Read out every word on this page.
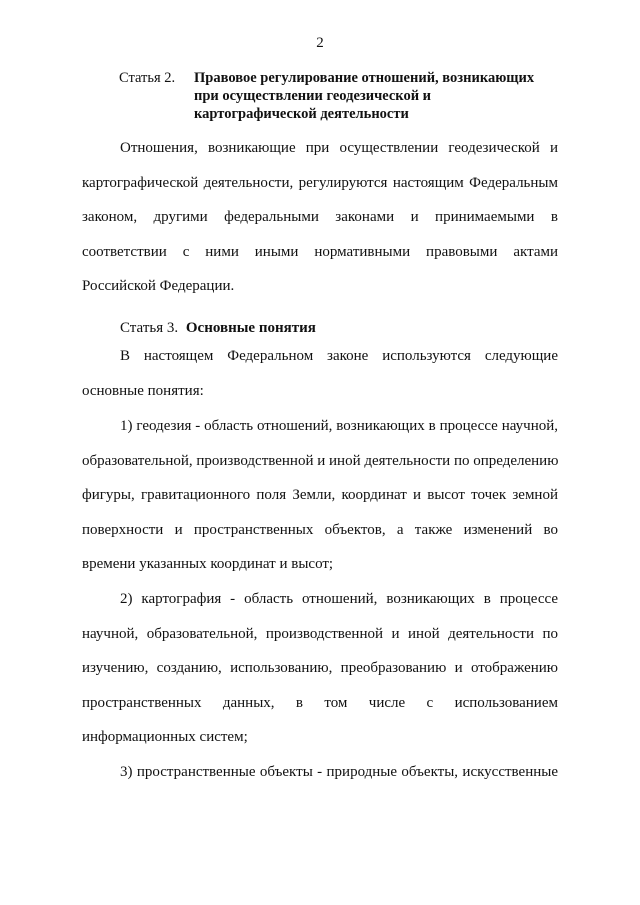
2
Статья 2. Правовое регулирование отношений, возникающих
при осуществлении геодезической и
картографической деятельности
Отношения, возникающие при осуществлении геодезической и
картографической деятельности, регулируются настоящим Федеральным
законом, другими федеральными законами и принимаемыми в
соответствии с ними иными нормативными правовыми актами
Российской Федерации.
Статья 3. Основные понятия
В настоящем Федеральном законе используются следующие
основные понятия:
1) геодезия - область отношений, возникающих в процессе научной,
образовательной, производственной и иной деятельности по определению
фигуры, гравитационного поля Земли, координат и высот точек земной
поверхности и пространственных объектов, а также изменений во
времени указанных координат и высот;
2) картография - область отношений, возникающих в процессе
научной, образовательной, производственной и иной деятельности по
изучению, созданию, использованию, преобразованию и отображению
пространственных данных, в том числе с использованием
информационных систем;
3) пространственные объекты - природные объекты, искусственные
